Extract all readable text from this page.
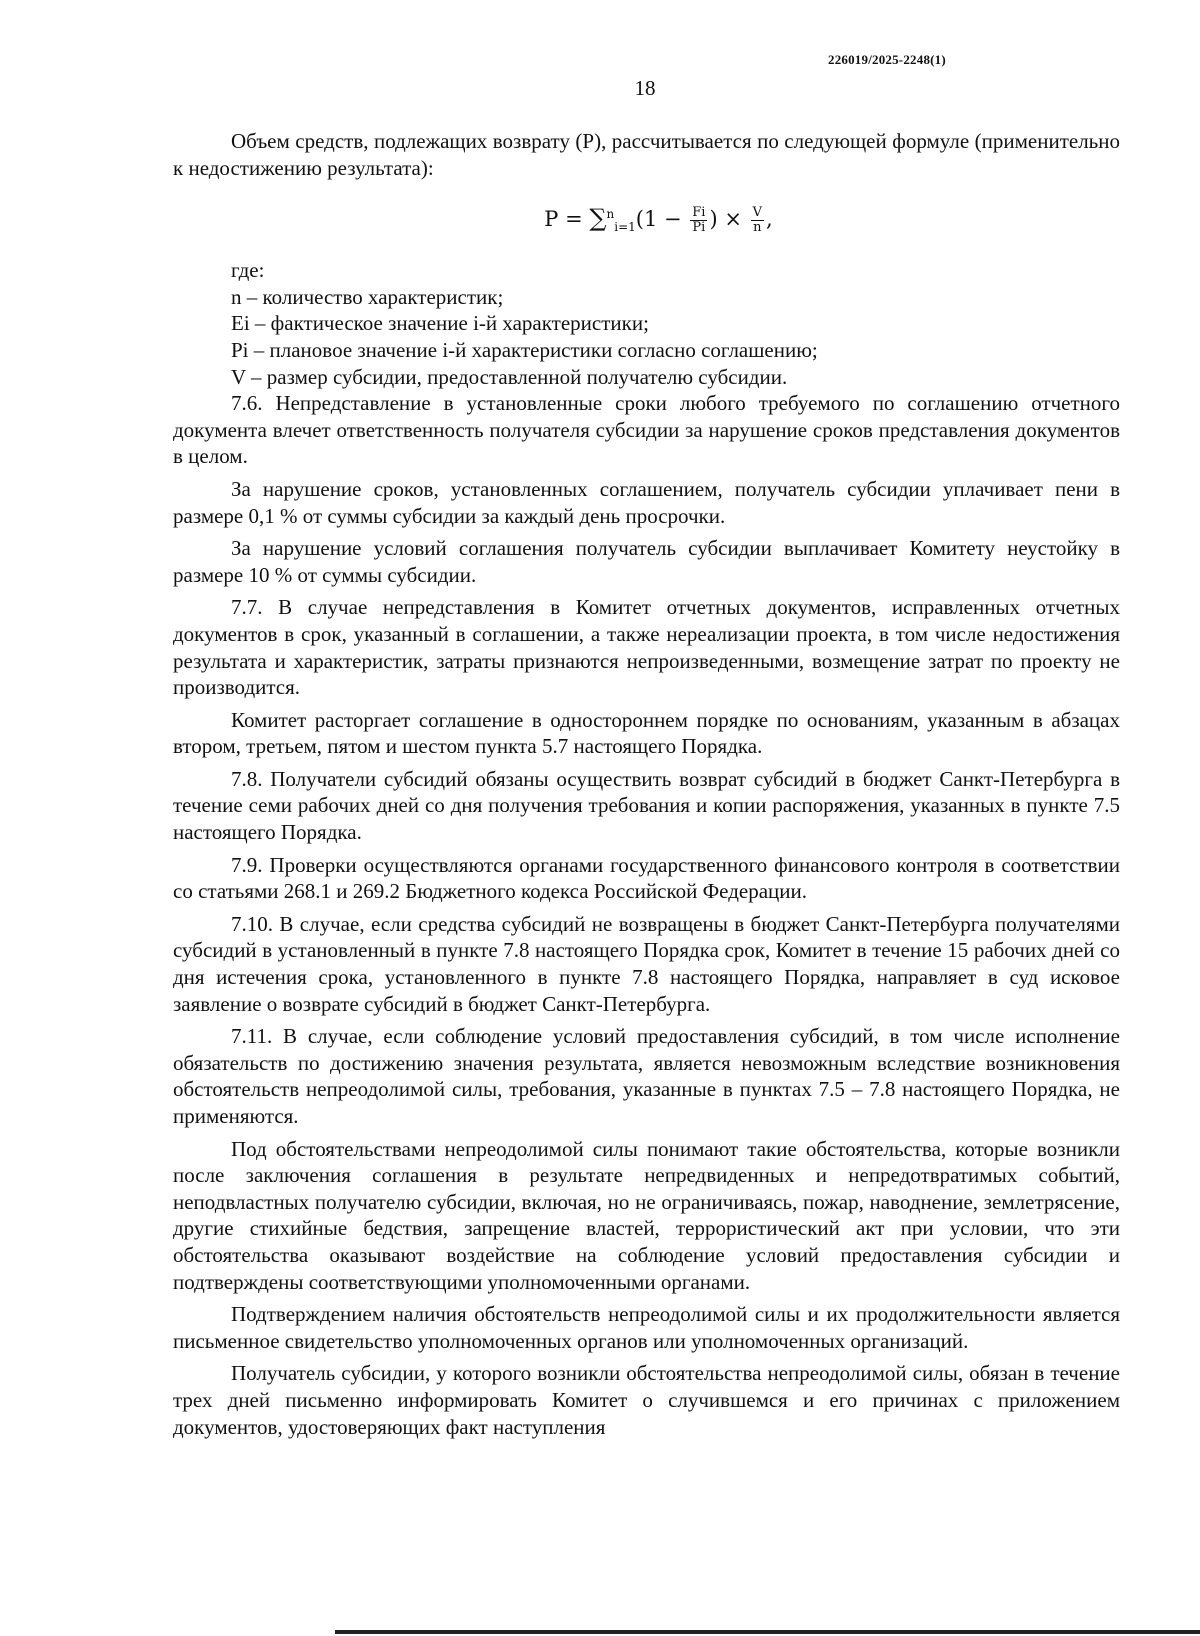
226019/2025-2248(1)
18

Объем средств, подлежащих возврату (P), рассчитывается по следующей формуле (применительно к недостижению результата):

$P = \sum^n_{i=1}(1 - \frac{Fi}{Pi}$ ) × $\frac{V}{n}$ ,

где:

n – количество характеристик;

Ei – фактическое значение i-й характеристики;

Pi – плановое значение i-й характеристики согласно соглашению;

V – размер субсидии, предоставленной получателю субсидии.

7.6. Непредставление в установленные сроки любого требуемого по соглашению отчетного документа влечет ответственность получателя субсидии за нарушение сроков представления документов в целом.

За нарушение сроков, установленных соглашением, получатель субсидии уплачивает пени в размере 0,1 % от суммы субсидии за каждый день просрочки.

За нарушение условий соглашения получатель субсидии выплачивает Комитету неустойку в размере 10 % от суммы субсидии.

7.7. В случае непредставления в Комитет отчетных документов, исправленных отчетных документов в срок, указанный в соглашении, а также нереализации проекта, в том числе недостижения результата и характеристик, затраты признаются непроизведенными, возмещение затрат по проекту не производится.

Комитет расторгает соглашение в одностороннем порядке по основаниям, указанным в абзацах втором, третьем, пятом и шестом пункта 5.7 настоящего Порядка.

7.8. Получатели субсидий обязаны осуществить возврат субсидий в бюджет Санкт-Петербурга в течение семи рабочих дней со дня получения требования и копии распоряжения, указанных в пункте 7.5 настоящего Порядка.

7.9. Проверки осуществляются органами государственного финансового контроля в соответствии со статьями 268.1 и 269.2 Бюджетного кодекса Российской Федерации.

7.10. В случае, если средства субсидий не возвращены в бюджет Санкт-Петербурга получателями субсидий в установленный в пункте 7.8 настоящего Порядка срок, Комитет в течение 15 рабочих дней со дня истечения срока, установленного в пункте 7.8 настоящего Порядка, направляет в суд исковое заявление о возврате субсидий в бюджет Санкт-Петербурга.

7.11. В случае, если соблюдение условий предоставления субсидий, в том числе исполнение обязательств по достижению значения результата, является невозможным вследствие возникновения обстоятельств непреодолимой силы, требования, указанные в пунктах 7.5 – 7.8 настоящего Порядка, не применяются.

Под обстоятельствами непреодолимой силы понимают такие обстоятельства, которые возникли после заключения соглашения в результате непредвиденных и непредотвратимых событий, неподвластных получателю субсидии, включая, но не ограничиваясь, пожар, наводнение, землетрясение, другие стихийные бедствия, запрещение властей, террористический акт при условии, что эти обстоятельства оказывают воздействие на соблюдение условий предоставления субсидии и подтверждены соответствующими уполномоченными органами.

Подтверждением наличия обстоятельств непреодолимой силы и их продолжительности является письменное свидетельство уполномоченных органов или уполномоченных организаций.

Получатель субсидии, у которого возникли обстоятельства непреодолимой силы, обязан в течение трех дней письменно информировать Комитет о случившемся и его причинах с приложением документов, удостоверяющих факт наступления
